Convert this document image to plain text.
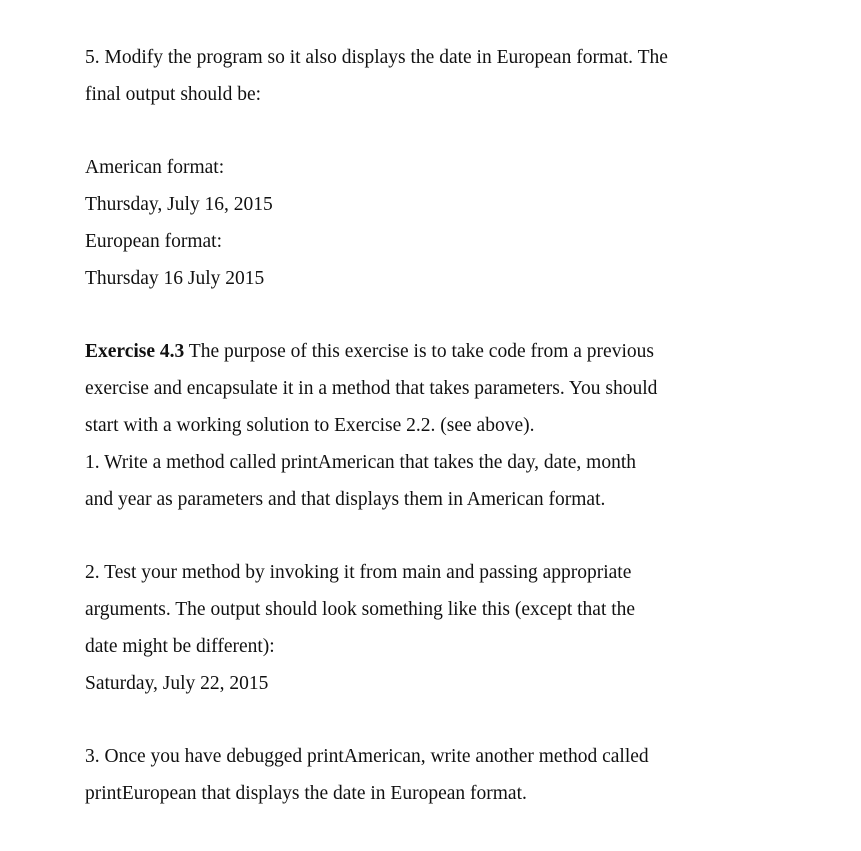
5. Modify the program so it also displays the date in European format. The

final output should be:

American format:

Thursday, July 16, 2015

European format:

Thursday 16 July 2015

Exercise 4.3 The purpose of this exercise is to take code from a previous

exercise and encapsulate it in a method that takes parameters. You should

start with a working solution to Exercise 2.2. (see above).

1. Write a method called printAmerican that takes the day, date, month

and year as parameters and that displays them in American format.

2. Test your method by invoking it from main and passing appropriate

arguments. The output should look something like this (except that the

date might be different):

Saturday, July 22, 2015

3. Once you have debugged printAmerican, write another method called

printEuropean that displays the date in European format.
